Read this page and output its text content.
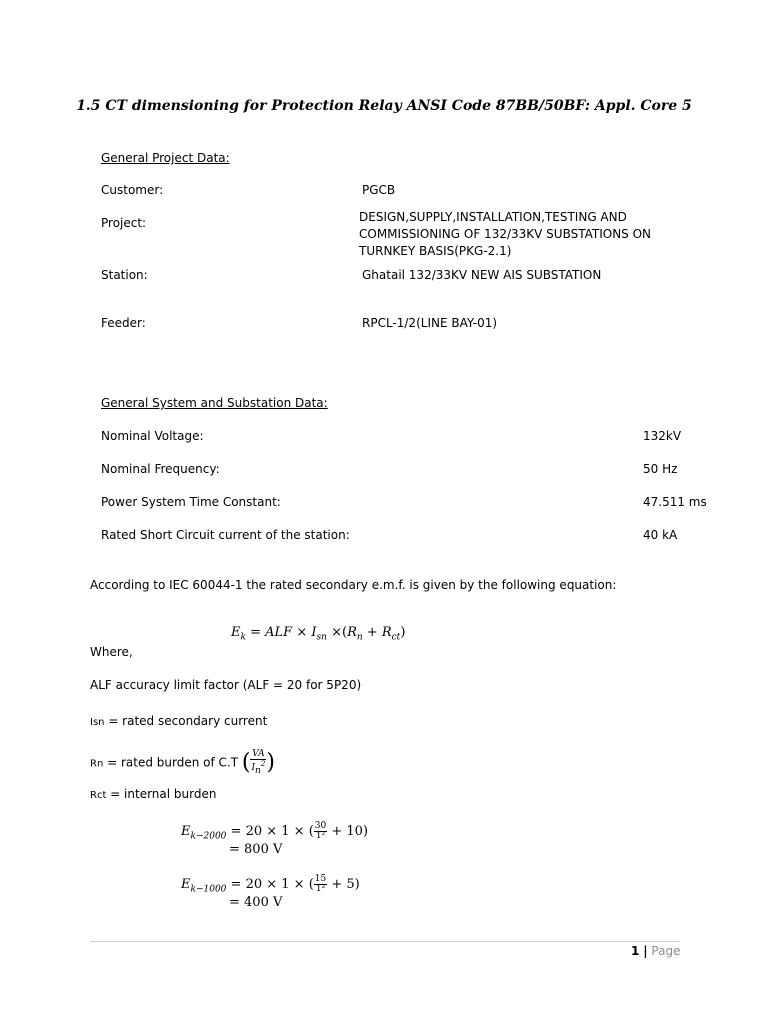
1.5 CT dimensioning for Protection Relay ANSI Code 87BB/50BF: Appl. Core 5
General Project Data:
Customer:	PGCB
Project:	DESIGN,SUPPLY,INSTALLATION,TESTING AND
COMMISSIONING OF 132/33KV SUBSTATIONS ON
TURNKEY BASIS(PKG-2.1)
Station:	Ghatail 132/33KV NEW AIS SUBSTATION
Feeder:	RPCL-1/2(LINE BAY-01)
General System and Substation Data:
Nominal Voltage:	132kV
Nominal Frequency:	50 Hz
Power System Time Constant:	47.511 ms
Rated Short Circuit current of the station:	40 kA
According to IEC 60044-1 the rated secondary e.m.f. is given by the following equation:
$E_k$ = ALF × $I_{sn} \times(R_n + R_{ct})$
Where,
ALF accuracy limit factor (ALF = 20 for 5P20)
Isn = rated secondary current
Rn = rated burden of C.T ( $\frac{VA}{I_n^2}$ )
Rct = internal burden
$E_{k-2000} = 20 \times 1$ × ( $\frac{30}{\text{1²}} + 10$)
= 800 V
$E_{k-1000} = 20 \times 1$ × ( $\frac{15}{\text{1²}} + 5$)
= 400 V
1 | Page
